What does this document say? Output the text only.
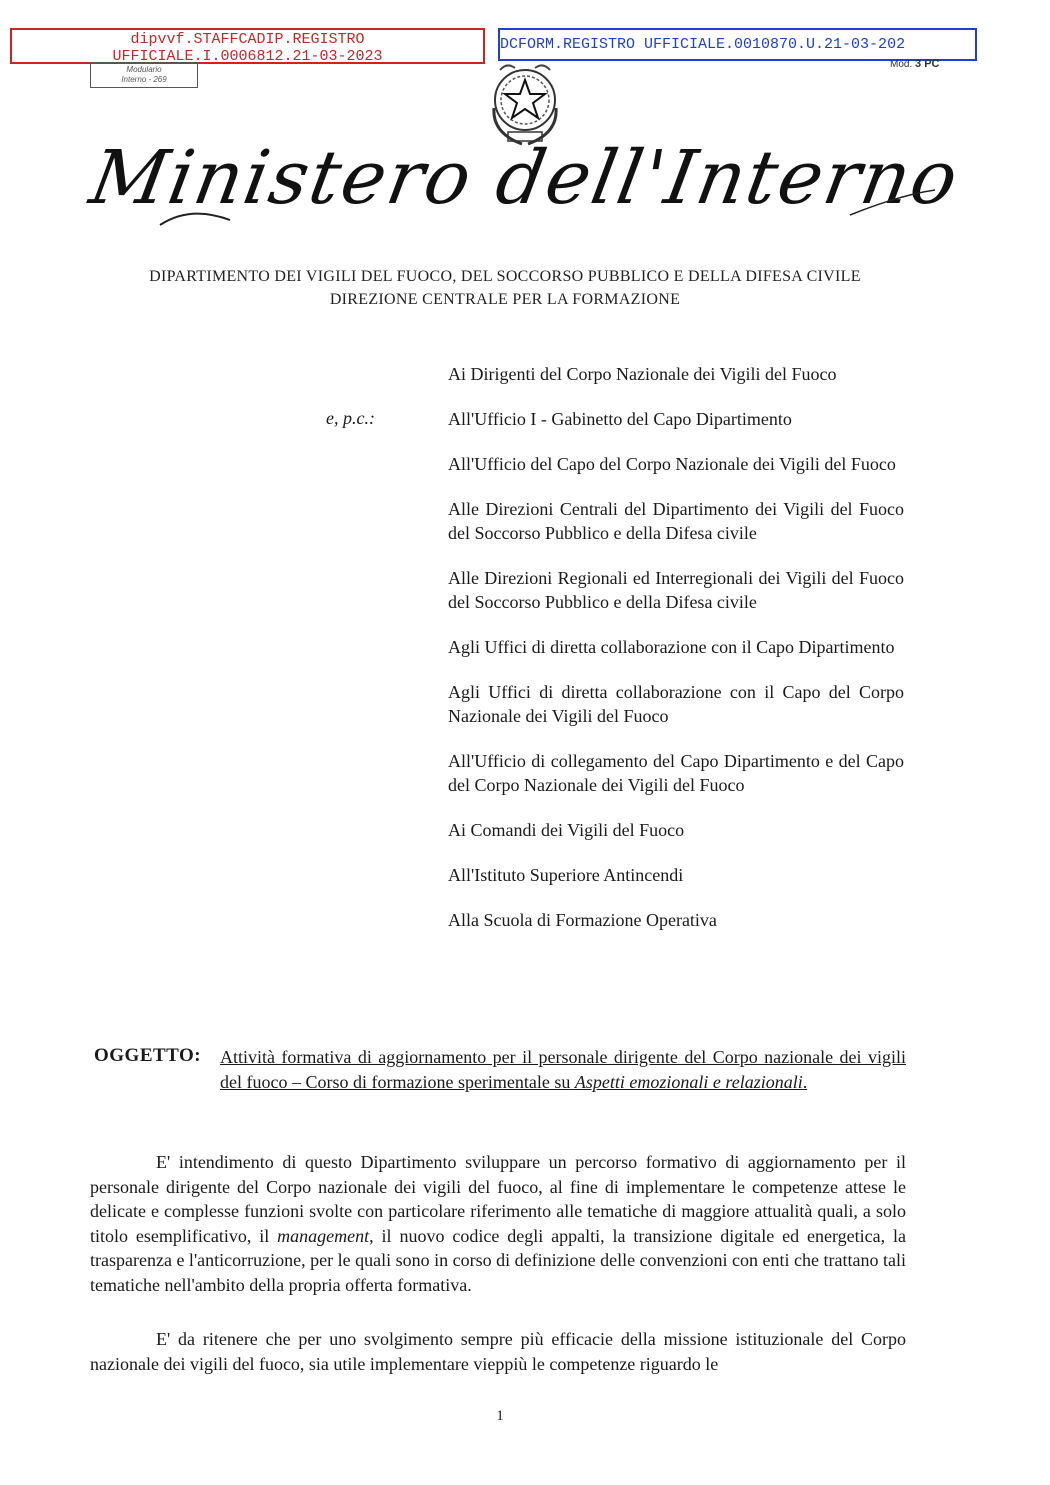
dipvvf.STAFFCADIP.REGISTRO
UFFICIALE.I.0006812.21-03-2023
DCFORM.REGISTRO UFFICIALE.0010870.U.21-03-202
Modulario
Interno - 269
Mod. 3 PC
Ministero dell'Interno
DIPARTIMENTO DEI VIGILI DEL FUOCO, DEL SOCCORSO PUBBLICO E DELLA DIFESA CIVILE
DIREZIONE CENTRALE PER LA FORMAZIONE
e, p.c.:

Ai Dirigenti del Corpo Nazionale dei Vigili del Fuoco

All'Ufficio I - Gabinetto del Capo Dipartimento

All'Ufficio del Capo del Corpo Nazionale dei Vigili del Fuoco

Alle Direzioni Centrali del Dipartimento dei Vigili del Fuoco del Soccorso Pubblico e della Difesa civile

Alle Direzioni Regionali ed Interregionali dei Vigili del Fuoco del Soccorso Pubblico e della Difesa civile

Agli Uffici di diretta collaborazione con il Capo Dipartimento

Agli Uffici di diretta collaborazione con il Capo del Corpo Nazionale dei Vigili del Fuoco

All'Ufficio di collegamento del Capo Dipartimento e del Capo del Corpo Nazionale dei Vigili del Fuoco

Ai Comandi dei Vigili del Fuoco

All'Istituto Superiore Antincendi

Alla Scuola di Formazione Operativa

OGGETTO: Attività formativa di aggiornamento per il personale dirigente del Corpo nazionale dei vigili del fuoco – Corso di formazione sperimentale su Aspetti emozionali e relazionali.

E' intendimento di questo Dipartimento sviluppare un percorso formativo di aggiornamento per il personale dirigente del Corpo nazionale dei vigili del fuoco, al fine di implementare le competenze attese le delicate e complesse funzioni svolte con particolare riferimento alle tematiche di maggiore attualità quali, a solo titolo esemplificativo, il management, il nuovo codice degli appalti, la transizione digitale ed energetica, la trasparenza e l'anticorruzione, per le quali sono in corso di definizione delle convenzioni con enti che trattano tali tematiche nell'ambito della propria offerta formativa.

E' da ritenere che per uno svolgimento sempre più efficacie della missione istituzionale del Corpo nazionale dei vigili del fuoco, sia utile implementare vieppiù le competenze riguardo le

1
